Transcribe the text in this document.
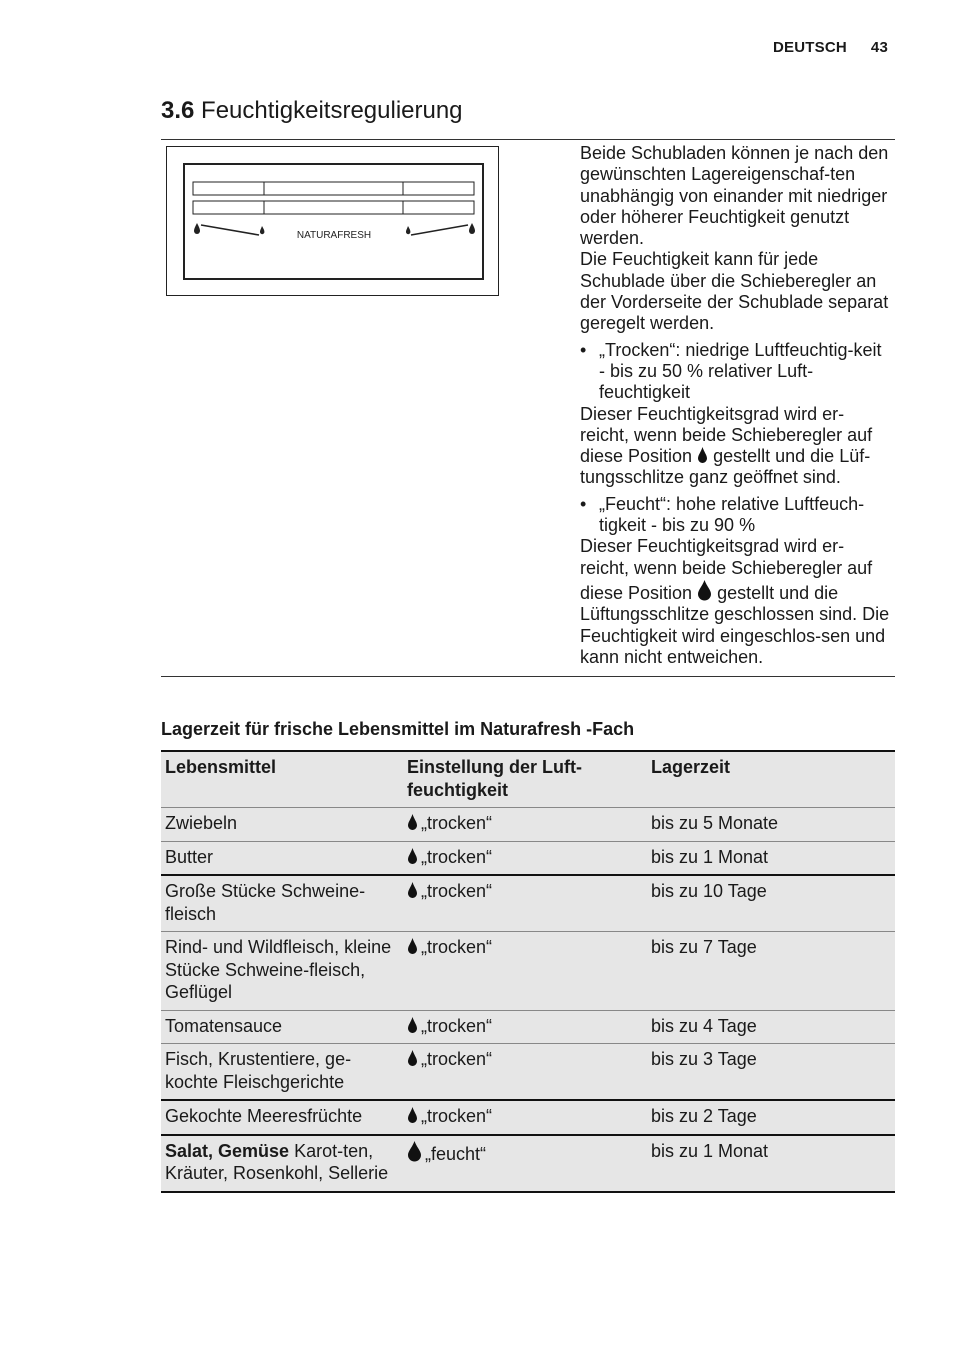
DEUTSCH 43
3.6 Feuchtigkeitsregulierung
NATURAFRESH

Beide Schubladen können je nach den gewünschten Lagereigenschaf-ten unabhängig von einander mit niedriger oder höherer Feuchtigkeit genutzt werden.

Die Feuchtigkeit kann für jede Schublade über die Schieberegler an der Vorderseite der Schublade separat geregelt werden.

• „Trocken“: niedrige Luftfeuchtig-keit - bis zu 50 % relativer Luft-feuchtigkeit

Dieser Feuchtigkeitsgrad wird er-reicht, wenn beide Schieberegler auf diese Position gestellt und die Lüf-tungsschlitze ganz geöffnet sind.

• „Feucht“: hohe relative Luftfeuch-tigkeit - bis zu 90 %

Dieser Feuchtigkeitsgrad wird er-reicht, wenn beide Schieberegler auf diese Position gestellt und die Lüftungsschlitze geschlossen sind. Die Feuchtigkeit wird eingeschlos-sen und kann nicht entweichen.

Lagerzeit für frische Lebensmittel im Naturafresh -Fach
Lebensmittel	Einstellung der Luft-feuchtigkeit	Lagerzeit
Zwiebeln	„trocken“	bis zu 5 Monate
Butter	„trocken“	bis zu 1 Monat
Große Stücke Schweine-fleisch	„trocken“	bis zu 10 Tage
Rind- und Wildfleisch, kleine Stücke Schweine-fleisch, Geflügel	„trocken“	bis zu 7 Tage
Tomatensauce	„trocken“	bis zu 4 Tage
Fisch, Krustentiere, ge-kochte Fleischgerichte	„trocken“	bis zu 3 Tage
Gekochte Meeresfrüchte	„trocken“	bis zu 2 Tage
Salat, Gemüse Karot-ten, Kräuter, Rosenkohl, Sellerie	„feucht“	bis zu 1 Monat
